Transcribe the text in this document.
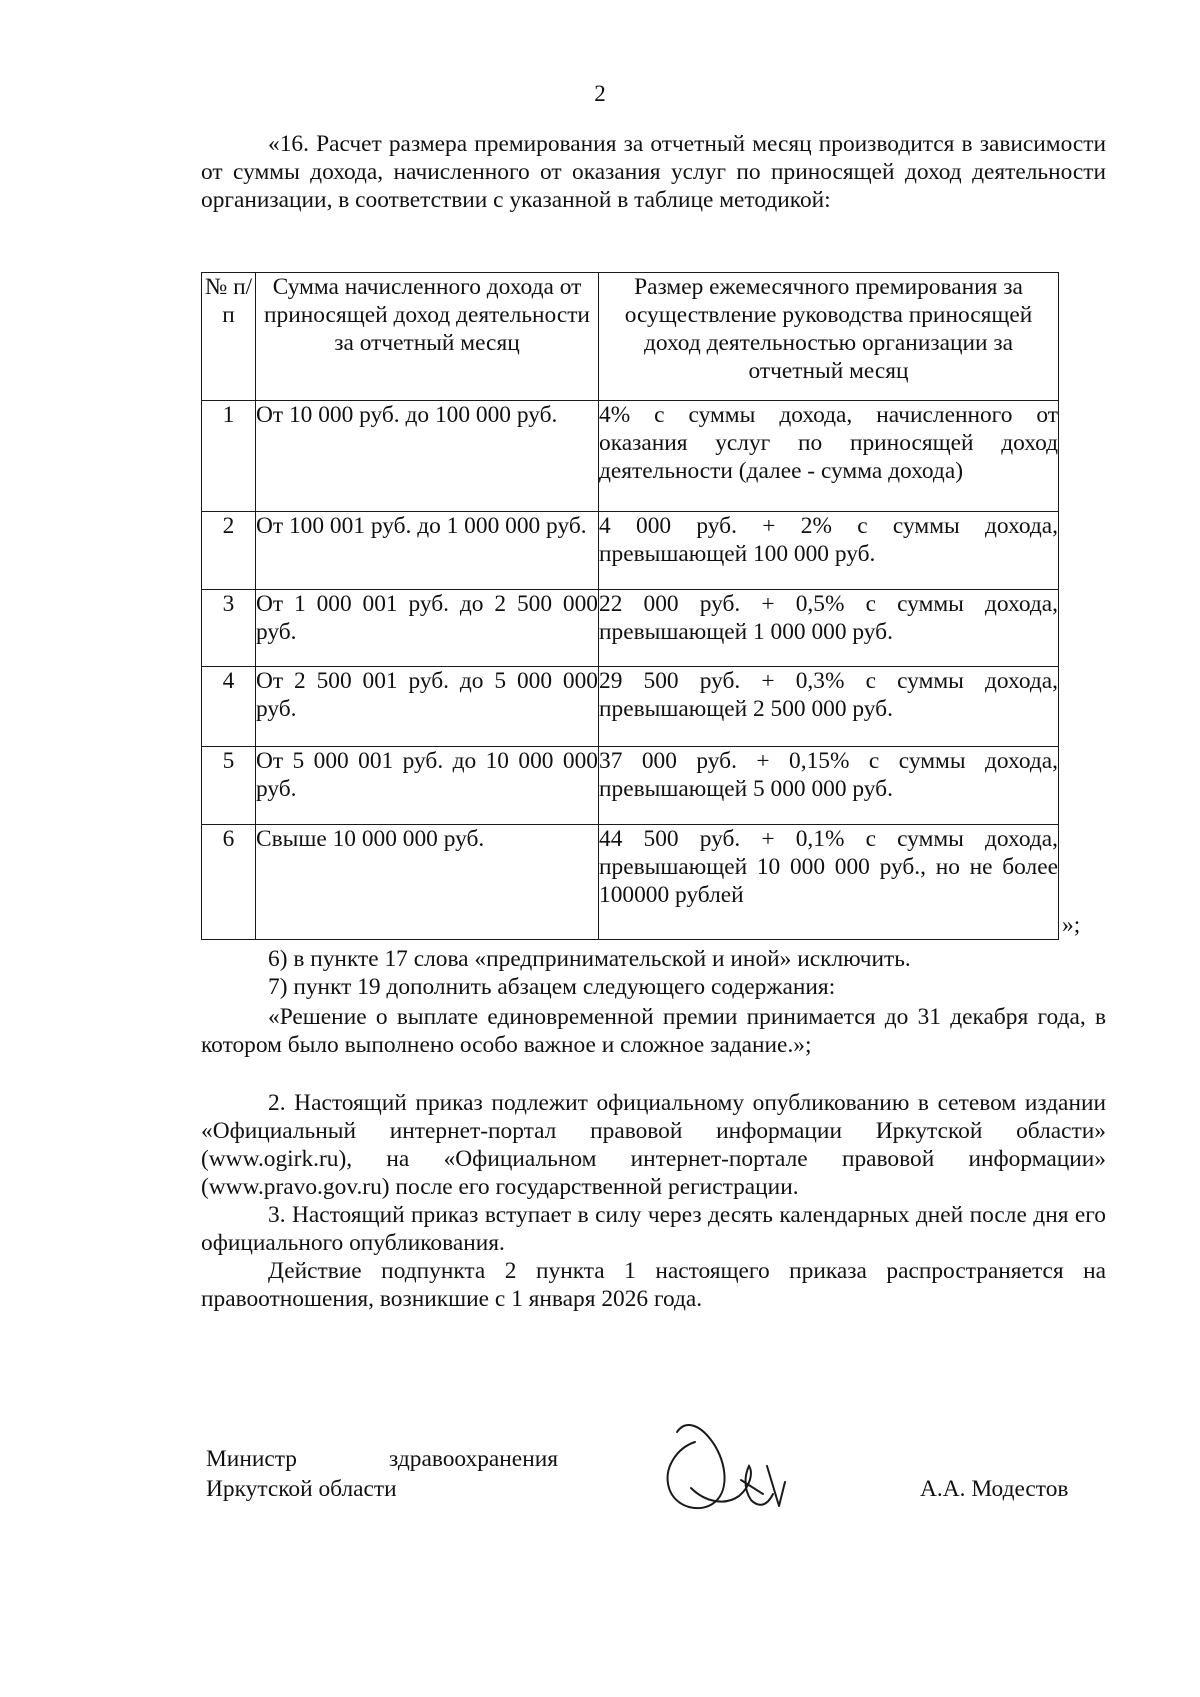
2

«16. Расчет размера премирования за отчетный месяц производится в зависимости от суммы дохода, начисленного от оказания услуг по приносящей доход деятельности организации, в соответствии с указанной в таблице методикой:

№ п/п	Сумма начисленного дохода от приносящей доход деятельности за отчетный месяц	Размер ежемесячного премирования за осуществление руководства приносящей доход деятельностью организации за отчетный месяц
1	От 10 000 руб. до 100 000 руб.	4% с суммы дохода, начисленного от оказания услуг по приносящей доход деятельности (далее - сумма дохода)
2	От 100 001 руб. до 1 000 000 руб.	4 000 руб. + 2% с суммы дохода, превышающей 100 000 руб.
3	От 1 000 001 руб. до 2 500 000 руб.	22 000 руб. + 0,5% с суммы дохода, превышающей 1 000 000 руб.
4	От 2 500 001 руб. до 5 000 000 руб.	29 500 руб. + 0,3% с суммы дохода, превышающей 2 500 000 руб.
5	От 5 000 001 руб. до 10 000 000 руб.	37 000 руб. + 0,15% с суммы дохода, превышающей 5 000 000 руб.
6	Свыше 10 000 000 руб.	44 500 руб. + 0,1% с суммы дохода, превышающей 10 000 000 руб., но не более 100000 рублей
»;

6) в пункте 17 слова «предпринимательской и иной» исключить.

7) пункт 19 дополнить абзацем следующего содержания:

«Решение о выплате единовременной премии принимается до 31 декабря года, в котором было выполнено особо важное и сложное задание.»;

2. Настоящий приказ подлежит официальному опубликованию в сетевом издании «Официальный интернет-портал правовой информации Иркутской области» (www.ogirk.ru), на «Официальном интернет-портале правовой информации» (www.pravo.gov.ru) после его государственной регистрации.

3. Настоящий приказ вступает в силу через десять календарных дней после дня его официального опубликования.

Действие подпункта 2 пункта 1 настоящего приказа распространяется на правоотношения, возникшие с 1 января 2026 года.

Министр	здравоохранения
Иркутской области	А.А. Модестов
